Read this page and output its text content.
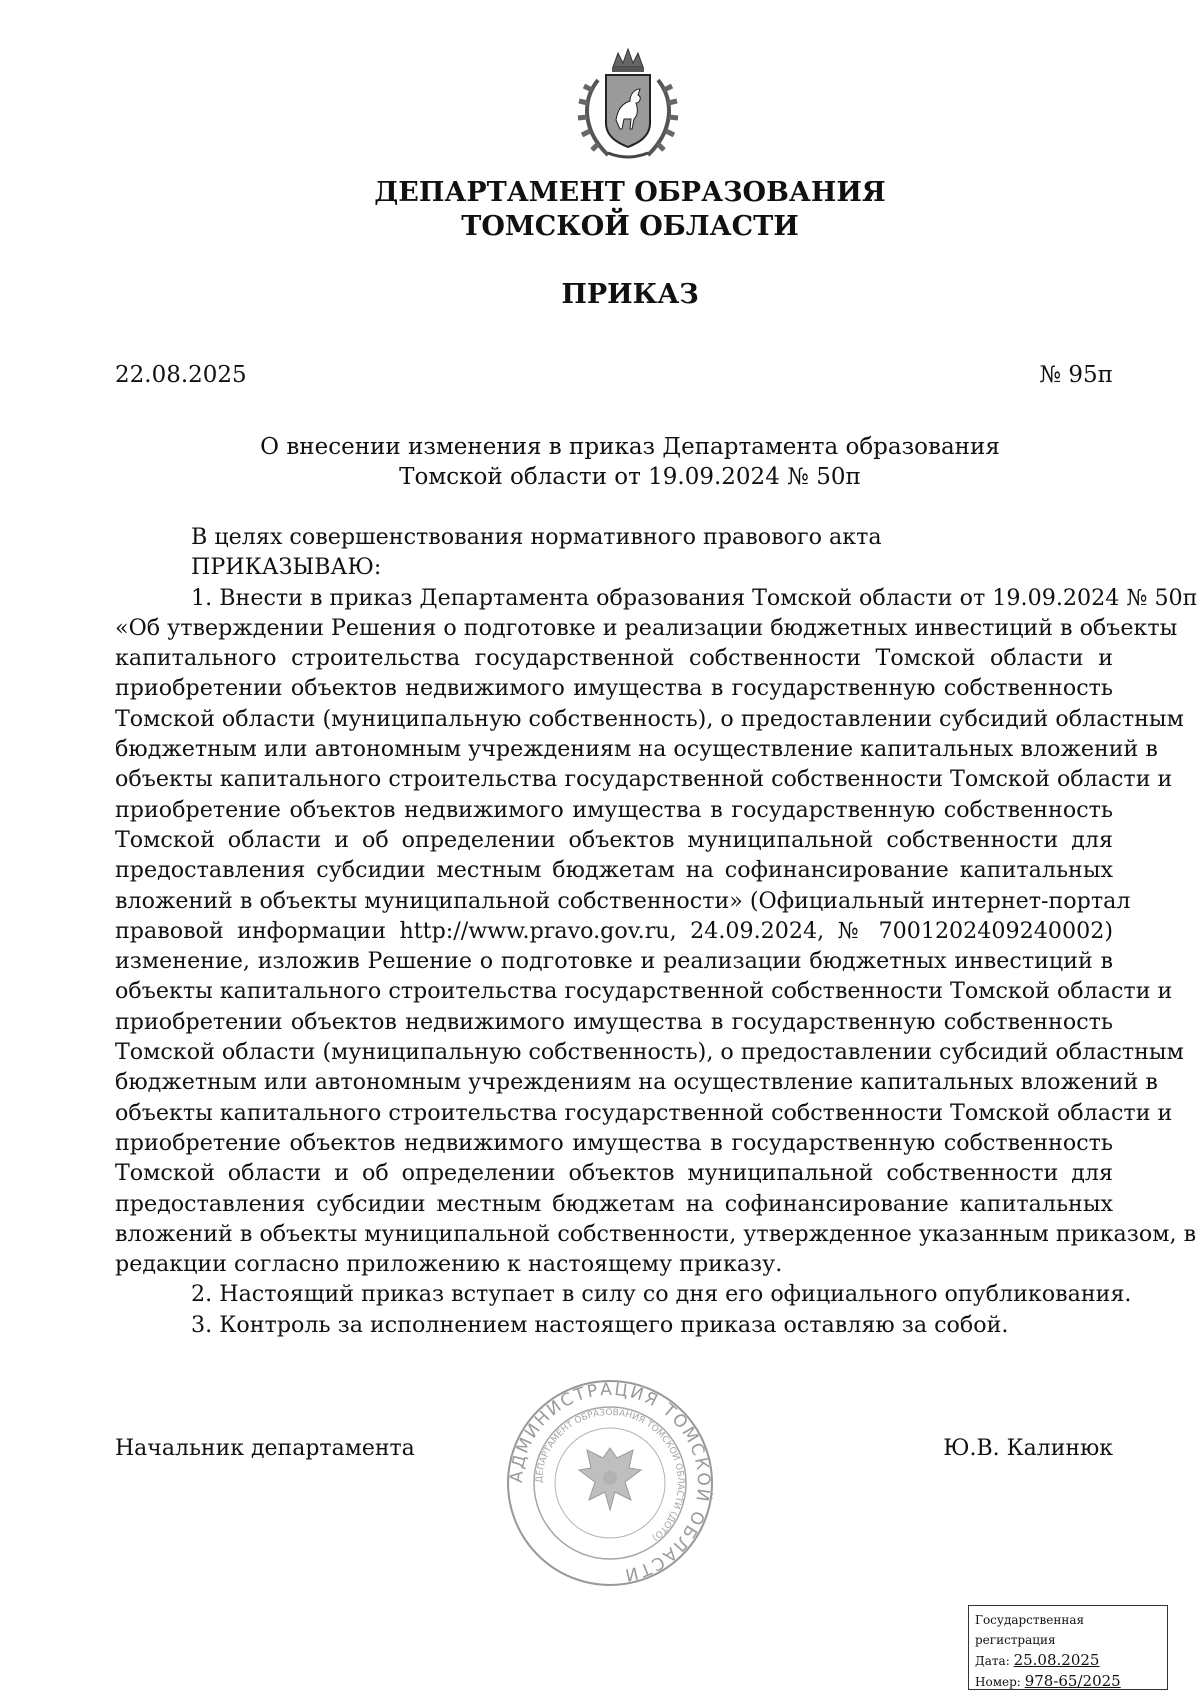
ДЕПАРТАМЕНТ ОБРАЗОВАНИЯ
ТОМСКОЙ ОБЛАСТИ
ПРИКАЗ
22.08.2025	№ 95п
О внесении изменения в приказ Департамента образования
Томской области от 19.09.2024 № 50п
В целях совершенствования нормативного правового акта
ПРИКАЗЫВАЮ:
1. Внести в приказ Департамента образования Томской области от 19.09.2024 № 50п
«Об утверждении Решения о подготовке и реализации бюджетных инвестиций в объекты
капитального строительства государственной собственности Томской области и
приобретении объектов недвижимого имущества в государственную собственность
Томской области (муниципальную собственность), о предоставлении субсидий областным
бюджетным или автономным учреждениям на осуществление капитальных вложений в
объекты капитального строительства государственной собственности Томской области и
приобретение объектов недвижимого имущества в государственную собственность
Томской области и об определении объектов муниципальной собственности для
предоставления субсидии местным бюджетам на софинансирование капитальных
вложений в объекты муниципальной собственности» (Официальный интернет-портал
правовой информации http://www.pravo.gov.ru, 24.09.2024, № 7001202409240002)
изменение, изложив Решение о подготовке и реализации бюджетных инвестиций в
объекты капитального строительства государственной собственности Томской области и
приобретении объектов недвижимого имущества в государственную собственность
Томской области (муниципальную собственность), о предоставлении субсидий областным
бюджетным или автономным учреждениям на осуществление капитальных вложений в
объекты капитального строительства государственной собственности Томской области и
приобретение объектов недвижимого имущества в государственную собственность
Томской области и об определении объектов муниципальной собственности для
предоставления субсидии местным бюджетам на софинансирование капитальных
вложений в объекты муниципальной собственности, утвержденное указанным приказом, в
редакции согласно приложению к настоящему приказу.
2. Настоящий приказ вступает в силу со дня его официального опубликования.
3. Контроль за исполнением настоящего приказа оставляю за собой.
Начальник департамента	Ю.В. Калинюк
АДМИНИСТРАЦИЯ ТОМСКОЙ ОБЛАСТИ
ДЕПАРТАМЕНТ ОБРАЗОВАНИЯ ТОМСКОЙ ОБЛАСТИ (ДОТО)
Государственная регистрация
Дата: 25.08.2025
Номер: 978-65/2025
